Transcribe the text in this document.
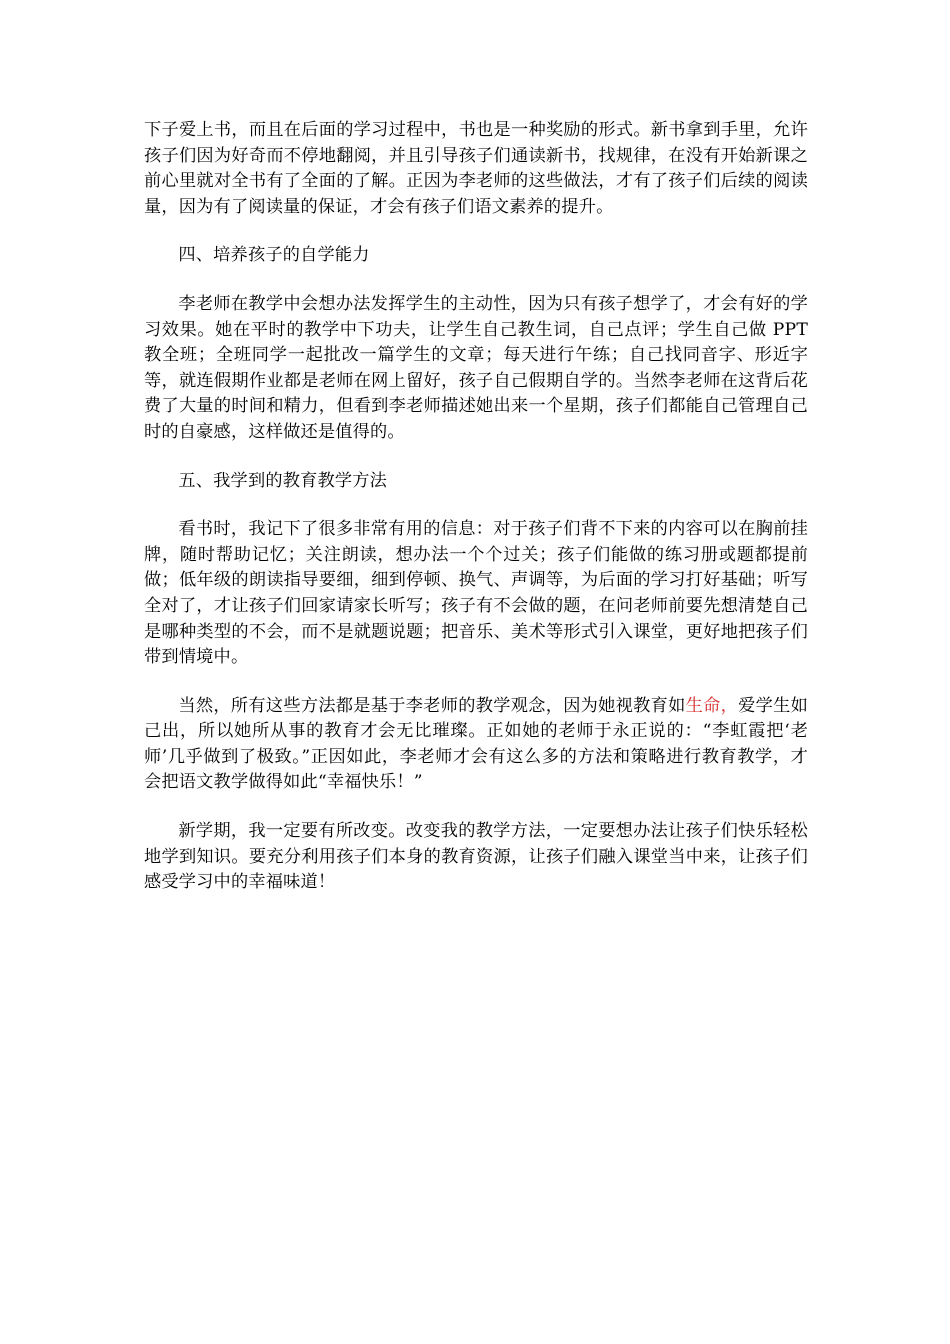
下子爱上书，而且在后面的学习过程中，书也是一种奖励的形式。新书拿到手里，允许孩子们因为好奇而不停地翻阅，并且引导孩子们通读新书，找规律，在没有开始新课之前心里就对全书有了全面的了解。正因为李老师的这些做法，才有了孩子们后续的阅读量，因为有了阅读量的保证，才会有孩子们语文素养的提升。

四、培养孩子的自学能力

李老师在教学中会想办法发挥学生的主动性，因为只有孩子想学了，才会有好的学习效果。她在平时的教学中下功夫，让学生自己教生词，自己点评；学生自己做 PPT 教全班；全班同学一起批改一篇学生的文章；每天进行午练；自己找同音字、形近字等，就连假期作业都是老师在网上留好，孩子自己假期自学的。当然李老师在这背后花费了大量的时间和精力，但看到李老师描述她出来一个星期，孩子们都能自己管理自己时的自豪感，这样做还是值得的。

五、我学到的教育教学方法

看书时，我记下了很多非常有用的信息：对于孩子们背不下来的内容可以在胸前挂牌，随时帮助记忆；关注朗读，想办法一个个过关；孩子们能做的练习册或题都提前做；低年级的朗读指导要细，细到停顿、换气、声调等，为后面的学习打好基础；听写全对了，才让孩子们回家请家长听写；孩子有不会做的题，在问老师前要先想清楚自己是哪种类型的不会，而不是就题说题；把音乐、美术等形式引入课堂，更好地把孩子们带到情境中。

当然，所有这些方法都是基于李老师的教学观念，因为她视教育如生命，爱学生如己出，所以她所从事的教育才会无比璀璨。正如她的老师于永正说的：“李虹霞把‘老师’几乎做到了极致。”正因如此，李老师才会有这么多的方法和策略进行教育教学，才会把语文教学做得如此“幸福快乐！”

新学期，我一定要有所改变。改变我的教学方法，一定要想办法让孩子们快乐轻松地学到知识。要充分利用孩子们本身的教育资源，让孩子们融入课堂当中来，让孩子们感受学习中的幸福味道！
